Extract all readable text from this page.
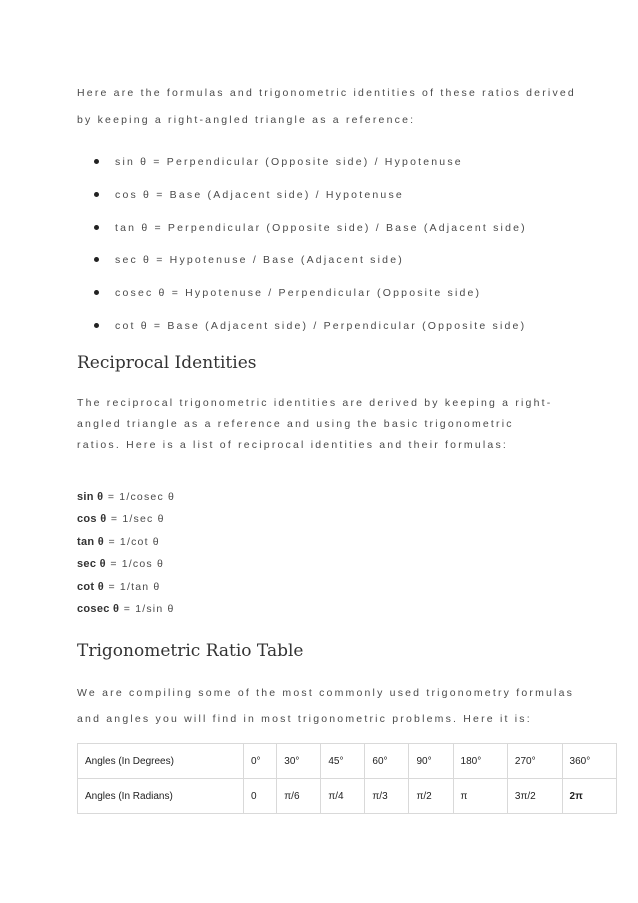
Here are the formulas and trigonometric identities of these ratios derived by keeping a right-angled triangle as a reference:

sin θ = Perpendicular (Opposite side) / Hypotenuse
cos θ = Base (Adjacent side) / Hypotenuse
tan θ = Perpendicular (Opposite side) / Base (Adjacent side)
sec θ = Hypotenuse / Base (Adjacent side)
cosec θ = Hypotenuse / Perpendicular (Opposite side)
cot θ = Base (Adjacent side) / Perpendicular (Opposite side)
Reciprocal Identities

The reciprocal trigonometric identities are derived by keeping a right-angled triangle as a reference and using the basic trigonometric ratios. Here is a list of reciprocal identities and their formulas:

sin θ = 1/cosec θ
cos θ = 1/sec θ
tan θ = 1/cot θ
sec θ = 1/cos θ
cot θ = 1/tan θ
cosec θ = 1/sin θ
Trigonometric Ratio Table

We are compiling some of the most commonly used trigonometry formulas and angles you will find in most trigonometric problems. Here it is:

Angles (In Degrees)	0°	30°	45°	60°	90°	180°	270°	360°
Angles (In Radians)	0	π/6	π/4	π/3	π/2	π	3π/2	2π
